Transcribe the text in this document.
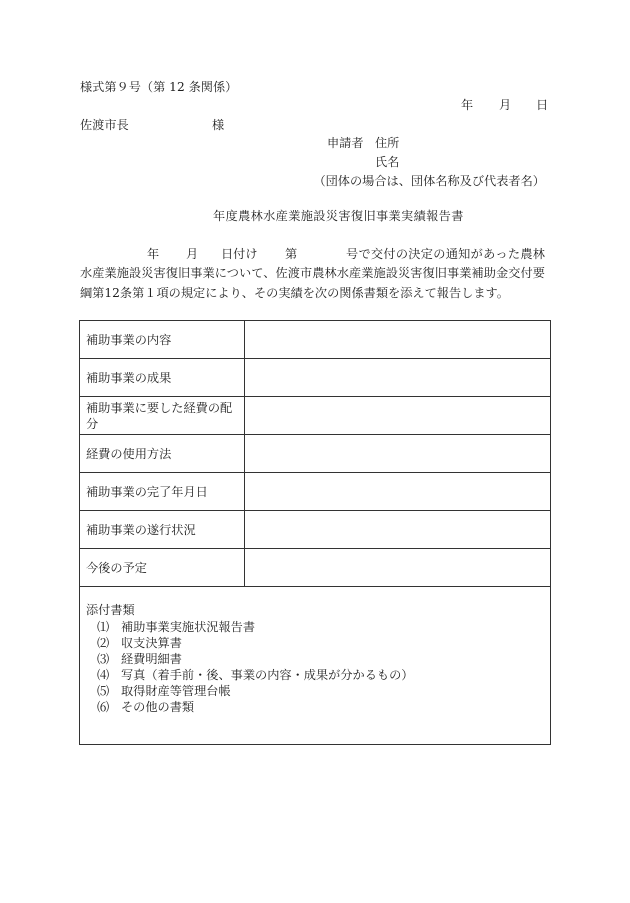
様式第９号（第 12 条関係）
年 月 日
佐渡市長	様
申請者 住所
氏名
（団体の場合は、団体名称及び代表者名）
年度農林水産業施設災害復旧事業実績報告書
年 月 日付け 第	号で交付の決定の通知があった農林
水産業施設災害復旧事業について、佐渡市農林水産業施設災害復旧事業補助金交付要
綱第12条第１項の規定により、その実績を次の関係書類を添えて報告します。
補助事業の内容
補助事業の成果
補助事業に要した経費の配分
経費の使用方法
補助事業の完了年月日
補助事業の遂行状況
今後の予定
添付書類
⑴ 補助事業実施状況報告書
⑵ 収支決算書
⑶ 経費明細書
⑷ 写真（着手前・後、事業の内容・成果が分かるもの）
⑸ 取得財産等管理台帳
⑹ その他の書類
